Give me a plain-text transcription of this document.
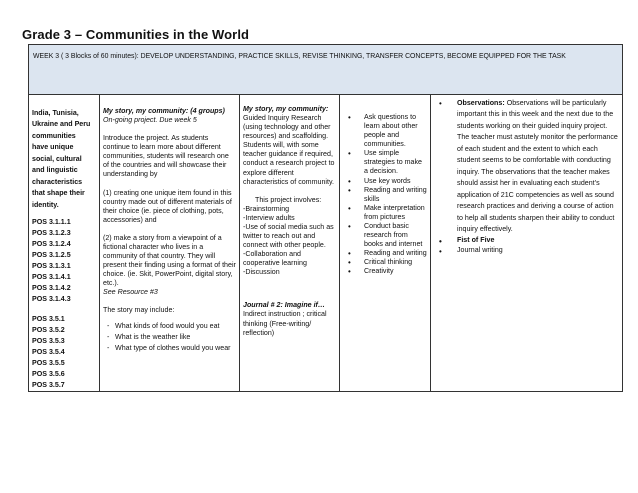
Grade 3 – Communities in the World
WEEK 3 ( 3 Blocks of 60 minutes): DEVELOP UNDERSTANDING, PRACTICE SKILLS, REVISE THINKING, TRANSFER CONCEPTS, BECOME EQUIPPED FOR THE TASK

India, Tunisia,
Ukraine and Peru
communities
have unique
social, cultural
and linguistic
characteristics
that shape their
identity.
POS 3.1.1.1
POS 3.1.2.3
POS 3.1.2.4
POS 3.1.2.5
POS 3.1.3.1
POS 3.1.4.1
POS 3.1.4.2
POS 3.1.4.3
POS 3.5.1
POS 3.5.2
POS 3.5.3
POS 3.5.4
POS 3.5.5
POS 3.5.6
POS 3.5.7

My story, my community: (4 groups)
On-going project. Due week 5
Introduce the project. As students continue to learn more about different communities, students will research one of the countries and will showcase their understanding by
(1) creating one unique item found in this country made out of different materials of their choice (ie. piece of clothing, pots, accessories) and
(2) make a story from a viewpoint of a fictional character who lives in a community of that country. They will present their finding using a format of their choice. (ie. Skit, PowerPoint, digital story, etc.).
See Resource #3
The story may include:
- What kinds of food would you eat
- What is the weather like
- What type of clothes would you wear

My story, my community:
Guided Inquiry Research (using technology and other resources) and scaffolding. Students will, with some teacher guidance if required, conduct a research project to explore different characteristics of community.
This project involves:
-Brainstorming
-Interview adults
-Use of social media such as twitter to reach out and connect with other people.
-Collaboration and cooperative learning
-Discussion
Journal # 2: Imagine if…
Indirect instruction ; critical thinking (Free-writing/ reflection)

• Ask questions to learn about other people and communities.
• Use simple strategies to make a decision.
• Use key words
• Reading and writing skills
• Make interpretation from pictures
• Conduct basic research from books and internet
• Reading and writing
• Critical thinking
• Creativity

• Observations: Observations will be particularly important this in this week and the next due to the students working on their guided inquiry project. The teacher must astutely monitor the performance of each student and the extent to which each student seems to be comfortable with conducting inquiry. The observations that the teacher makes should assist her in evaluating each student’s application of 21C competencies as well as sound research practices and deriving a course of action to help all students sharpen their ability to conduct inquiry effectively.
• Fist of Five
• Journal writing
